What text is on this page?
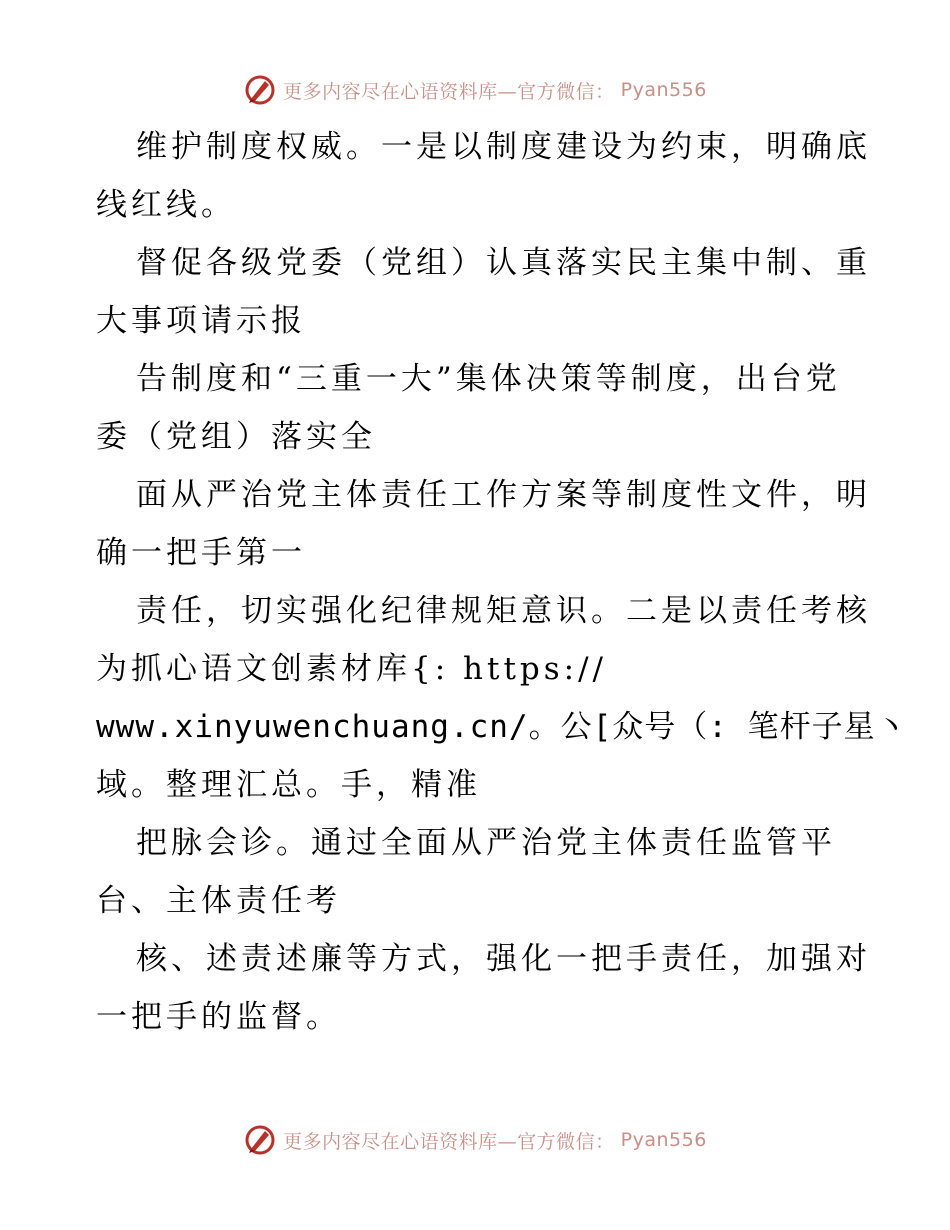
更多内容尽在心语资料库—官方微信： Pyan556
维护制度权威。一是以制度建设为约束，明确底
线红线。
督促各级党委（党组）认真落实民主集中制、重
大事项请示报
告制度和“三重一大”集体决策等制度，出台党
委（党组）落实全
面从严治党主体责任工作方案等制度性文件，明
确一把手第一
责任，切实强化纪律规矩意识。二是以责任考核
为抓心语文创素材库{: https://
www.xinyuwenchuang.cn/。公[众号（: 笔杆子星丶
域。整理汇总。手，精准
把脉会诊。通过全面从严治党主体责任监管平
台、主体责任考
核、述责述廉等方式，强化一把手责任，加强对
一把手的监督。
更多内容尽在心语资料库—官方微信： Pyan556
